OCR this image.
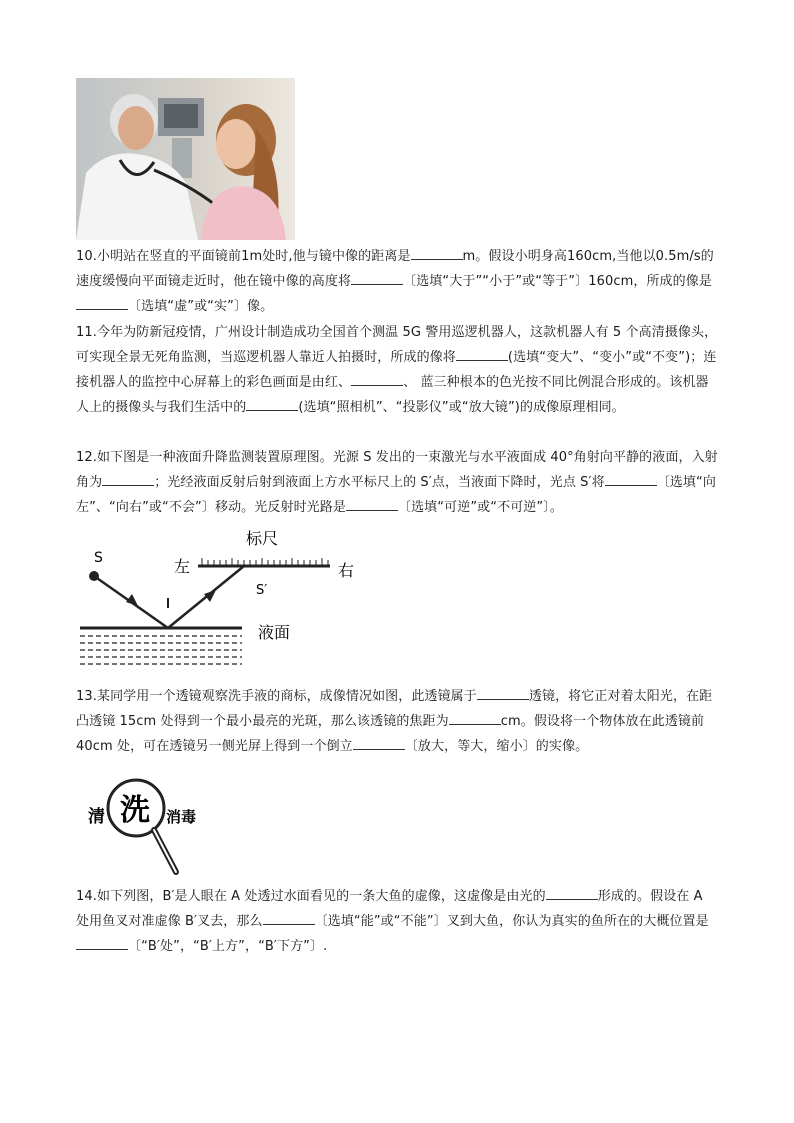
10.小明站在竖直的平面镜前1m处时,他与镜中像的距离是	m。假设小明身高160cm,当他以0.5m/s的速度缓慢向平面镜走近时，他在镜中像的高度将	〔选填“大于”“小于”或“等于”〕160cm，所成的像是〔选填“虚”或“实”〕像。
11.今年为防新冠疫情，广州设计制造成功全国首个测温 5G 警用巡逻机器人，这款机器人有 5 个高清摄像头，可实现全景无死角监测，当巡逻机器人靠近人拍摄时，所成的像将	(选填“变大”、“变小”或“不变”)；连接机器人的监控中心屏幕上的彩色画面是由红、	、 蓝三种根本的色光按不同比例混合形成的。该机器人上的摄像头与我们生活中的	(选填“照相机”、“投影仪”或“放大镜”)的成像原理相同。
12.如下图是一种液面升降监测装置原理图。光源 S 发出的一束激光与水平液面成 40°角射向平静的液面，入射角为	；光经液面反射后射到液面上方水平标尺上的 S′点，当液面下降时，光点 S′将	〔选填“向左”、“向右”或“不会”〕移动。光反射时光路是	〔选填“可逆”或“不可逆”〕。
S
标尺
左	右
S′
液面
13.某同学用一个透镜观察洗手液的商标，成像情况如图，此透镜属于	透镜，将它正对着太阳光，在距凸透镜 15cm 处得到一个最小最亮的光斑，那么该透镜的焦距为	cm。假设将一个物体放在此透镜前 40cm 处，可在透镜另一侧光屏上得到一个倒立	〔放大，等大，缩小〕的实像。
清 洗 消毒
14.如下列图，B′是人眼在 A 处透过水面看见的一条大鱼的虚像，这虚像是由光的	形成的。假设在 A 处用鱼叉对准虚像 B′叉去，那么	〔选填“能”或“不能”〕叉到大鱼，你认为真实的鱼所在的大概位置是〔“B′处”，“B′上方”，“B′下方”〕.
